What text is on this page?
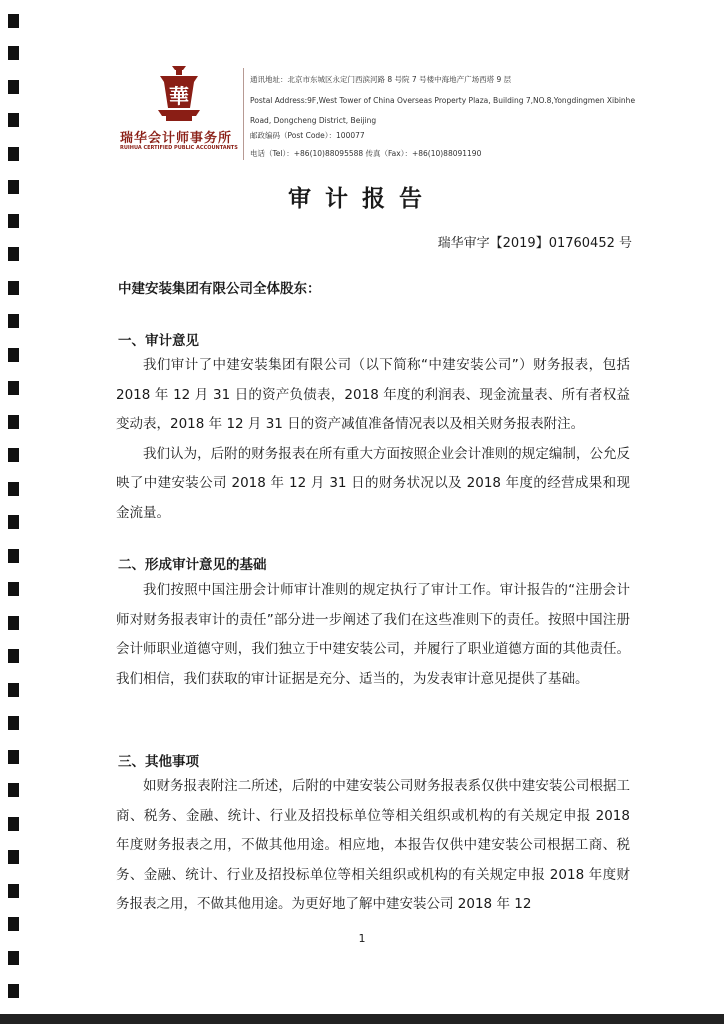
華
瑞华会计师事务所
RUIHUA CERTIFIED PUBLIC ACCOUNTANTS
通讯地址：北京市东城区永定门西滨河路 8 号院 7 号楼中海地产广场西塔 9 层
Postal Address:9F,West Tower of China Overseas Property Plaza, Building 7,NO.8,Yongdingmen Xibinhe
Road, Dongcheng District, Beijing
邮政编码（Post Code）：100077
电话（Tel）：+86(10)88095588 传真（Fax）：+86(10)88091190
审计报告
瑞华审字【2019】01760452 号
中建安装集团有限公司全体股东：
一、审计意见

我们审计了中建安装集团有限公司（以下简称“中建安装公司”）财务报表，包括 2018 年 12 月 31 日的资产负债表，2018 年度的利润表、现金流量表、所有者权益变动表，2018 年 12 月 31 日的资产减值准备情况表以及相关财务报表附注。

我们认为，后附的财务报表在所有重大方面按照企业会计准则的规定编制，公允反映了中建安装公司 2018 年 12 月 31 日的财务状况以及 2018 年度的经营成果和现金流量。

二、形成审计意见的基础

我们按照中国注册会计师审计准则的规定执行了审计工作。审计报告的“注册会计师对财务报表审计的责任”部分进一步阐述了我们在这些准则下的责任。按照中国注册会计师职业道德守则，我们独立于中建安装公司，并履行了职业道德方面的其他责任。我们相信，我们获取的审计证据是充分、适当的，为发表审计意见提供了基础。

三、其他事项

如财务报表附注二所述，后附的中建安装公司财务报表系仅供中建安装公司根据工商、税务、金融、统计、行业及招投标单位等相关组织或机构的有关规定申报 2018 年度财务报表之用，不做其他用途。相应地，本报告仅供中建安装公司根据工商、税务、金融、统计、行业及招投标单位等相关组织或机构的有关规定申报 2018 年度财务报表之用，不做其他用途。为更好地了解中建安装公司 2018 年 12

1
